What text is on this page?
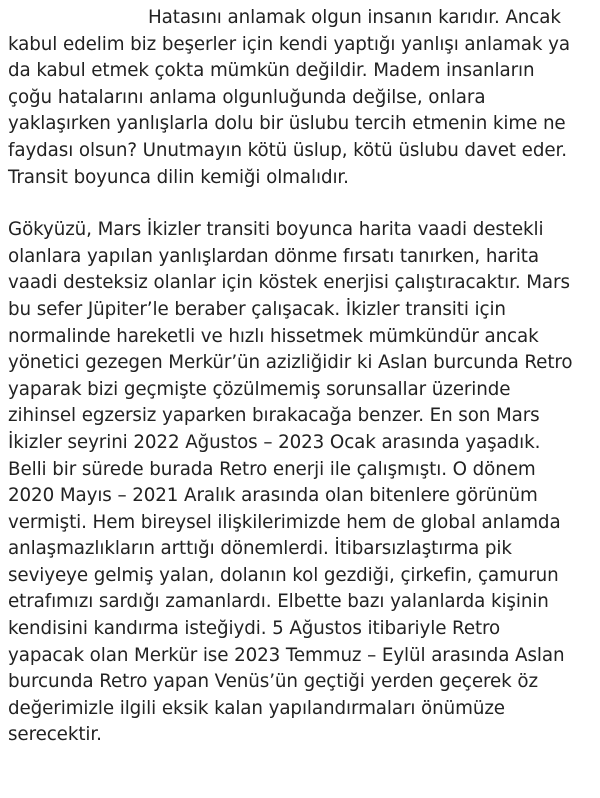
Hatasını anlamak olgun insanın karıdır. Ancak
kabul edelim biz beşerler için kendi yaptığı yanlışı anlamak ya
da kabul etmek çokta mümkün değildir. Madem insanların
çoğu hatalarını anlama olgunluğunda değilse, onlara
yaklaşırken yanlışlarla dolu bir üslubu tercih etmenin kime ne
faydası olsun? Unutmayın kötü üslup, kötü üslubu davet eder.
Transit boyunca dilin kemiği olmalıdır.
Gökyüzü, Mars İkizler transiti boyunca harita vaadi destekli
olanlara yapılan yanlışlardan dönme fırsatı tanırken, harita
vaadi desteksiz olanlar için köstek enerjisi çalıştıracaktır. Mars
bu sefer Jüpiter’le beraber çalışacak. İkizler transiti için
normalinde hareketli ve hızlı hissetmek mümkündür ancak
yönetici gezegen Merkür’ün azizliğidir ki Aslan burcunda Retro
yaparak bizi geçmişte çözülmemiş sorunsallar üzerinde
zihinsel egzersiz yaparken bırakacağa benzer. En son Mars
İkizler seyrini 2022 Ağustos – 2023 Ocak arasında yaşadık.
Belli bir sürede burada Retro enerji ile çalışmıştı. O dönem
2020 Mayıs – 2021 Aralık arasında olan bitenlere görünüm
vermişti. Hem bireysel ilişkilerimizde hem de global anlamda
anlaşmazlıkların arttığı dönemlerdi. İtibarsızlaştırma pik
seviyeye gelmiş yalan, dolanın kol gezdiği, çirkefin, çamurun
etrafımızı sardığı zamanlardı. Elbette bazı yalanlarda kişinin
kendisini kandırma isteğiydi. 5 Ağustos itibariyle Retro
yapacak olan Merkür ise 2023 Temmuz – Eylül arasında Aslan
burcunda Retro yapan Venüs’ün geçtiği yerden geçerek öz
değerimizle ilgili eksik kalan yapılandırmaları önümüze
serecektir.
